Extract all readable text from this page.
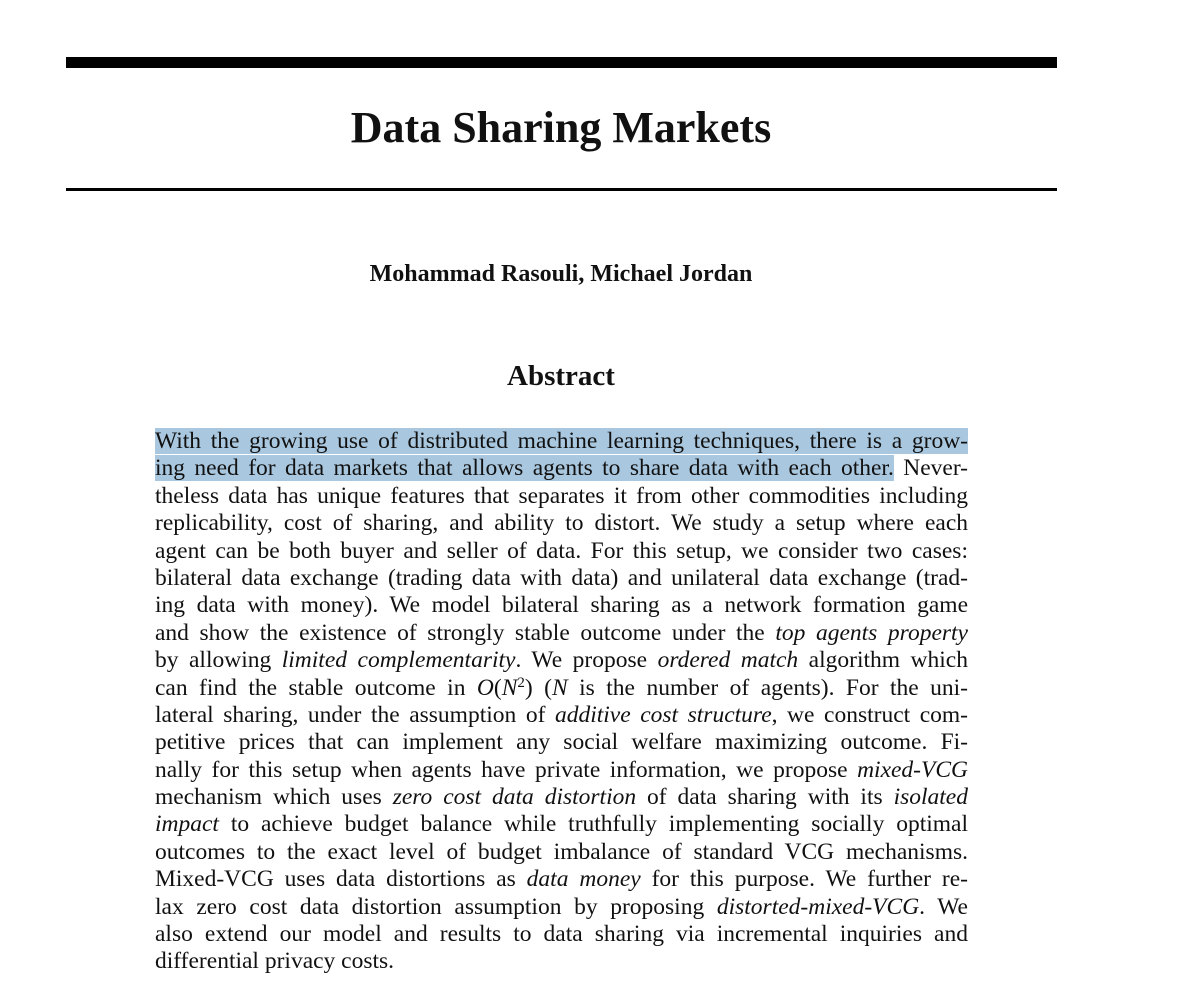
Data Sharing Markets
Mohammad Rasouli, Michael Jordan
Abstract
With the growing use of distributed machine learning techniques, there is a grow-
ing need for data markets that allows agents to share data with each other. Never-
theless data has unique features that separates it from other commodities including
replicability, cost of sharing, and ability to distort. We study a setup where each
agent can be both buyer and seller of data. For this setup, we consider two cases:
bilateral data exchange (trading data with data) and unilateral data exchange (trad-
ing data with money). We model bilateral sharing as a network formation game
and show the existence of strongly stable outcome under the top agents property
by allowing limited complementarity. We propose ordered match algorithm which
can find the stable outcome in $O(N^2)$ (N is the number of agents). For the uni-
lateral sharing, under the assumption of additive cost structure, we construct com-
petitive prices that can implement any social welfare maximizing outcome. Fi-
nally for this setup when agents have private information, we propose mixed-VCG
mechanism which uses zero cost data distortion of data sharing with its isolated
impact to achieve budget balance while truthfully implementing socially optimal
outcomes to the exact level of budget imbalance of standard VCG mechanisms.
Mixed-VCG uses data distortions as data money for this purpose. We further re-
lax zero cost data distortion assumption by proposing distorted-mixed-VCG. We
also extend our model and results to data sharing via incremental inquiries and
differential privacy costs.
